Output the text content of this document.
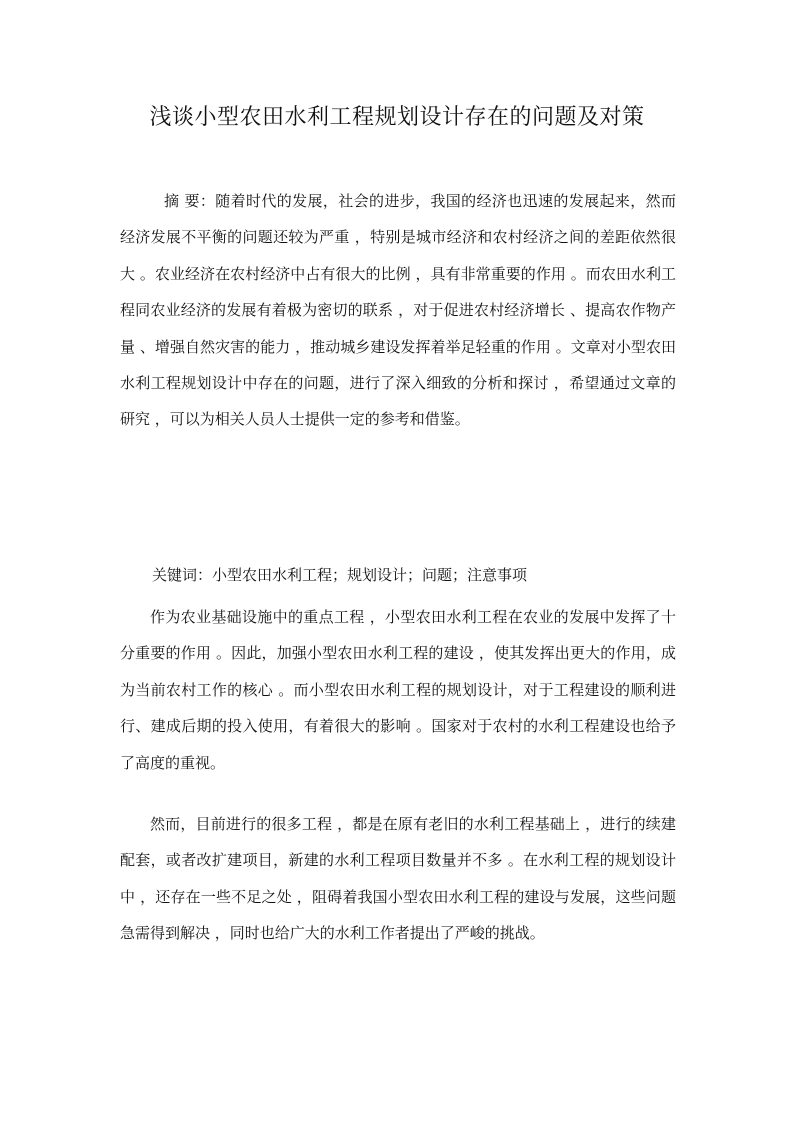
浅谈小型农田水利工程规划设计存在的问题及对策

摘 要：随着时代的发展，社会的进步，我国的经济也迅速的发展起来，然而经济发展不平衡的问题还较为严重 ，特别是城市经济和农村经济之间的差距依然很大 。农业经济在农村经济中占有很大的比例 ，具有非常重要的作用 。而农田水利工程同农业经济的发展有着极为密切的联系 ，对于促进农村经济增长 、提高农作物产量 、增强自然灾害的能力 ，推动城乡建设发挥着举足轻重的作用 。文章对小型农田水利工程规划设计中存在的问题，进行了深入细致的分析和探讨 ，希望通过文章的研究 ，可以为相关人员人士提供一定的参考和借鉴。

关键词：小型农田水利工程；规划设计；问题；注意事项

作为农业基础设施中的重点工程 ，小型农田水利工程在农业的发展中发挥了十分重要的作用 。因此，加强小型农田水利工程的建设 ，使其发挥出更大的作用，成为当前农村工作的核心 。而小型农田水利工程的规划设计，对于工程建设的顺利进行、建成后期的投入使用，有着很大的影响 。国家对于农村的水利工程建设也给予了高度的重视。

然而，目前进行的很多工程 ，都是在原有老旧的水利工程基础上 ，进行的续建配套，或者改扩建项目，新建的水利工程项目数量并不多 。在水利工程的规划设计中 ，还存在一些不足之处 ，阻碍着我国小型农田水利工程的建设与发展，这些问题急需得到解决 ，同时也给广大的水利工作者提出了严峻的挑战。
